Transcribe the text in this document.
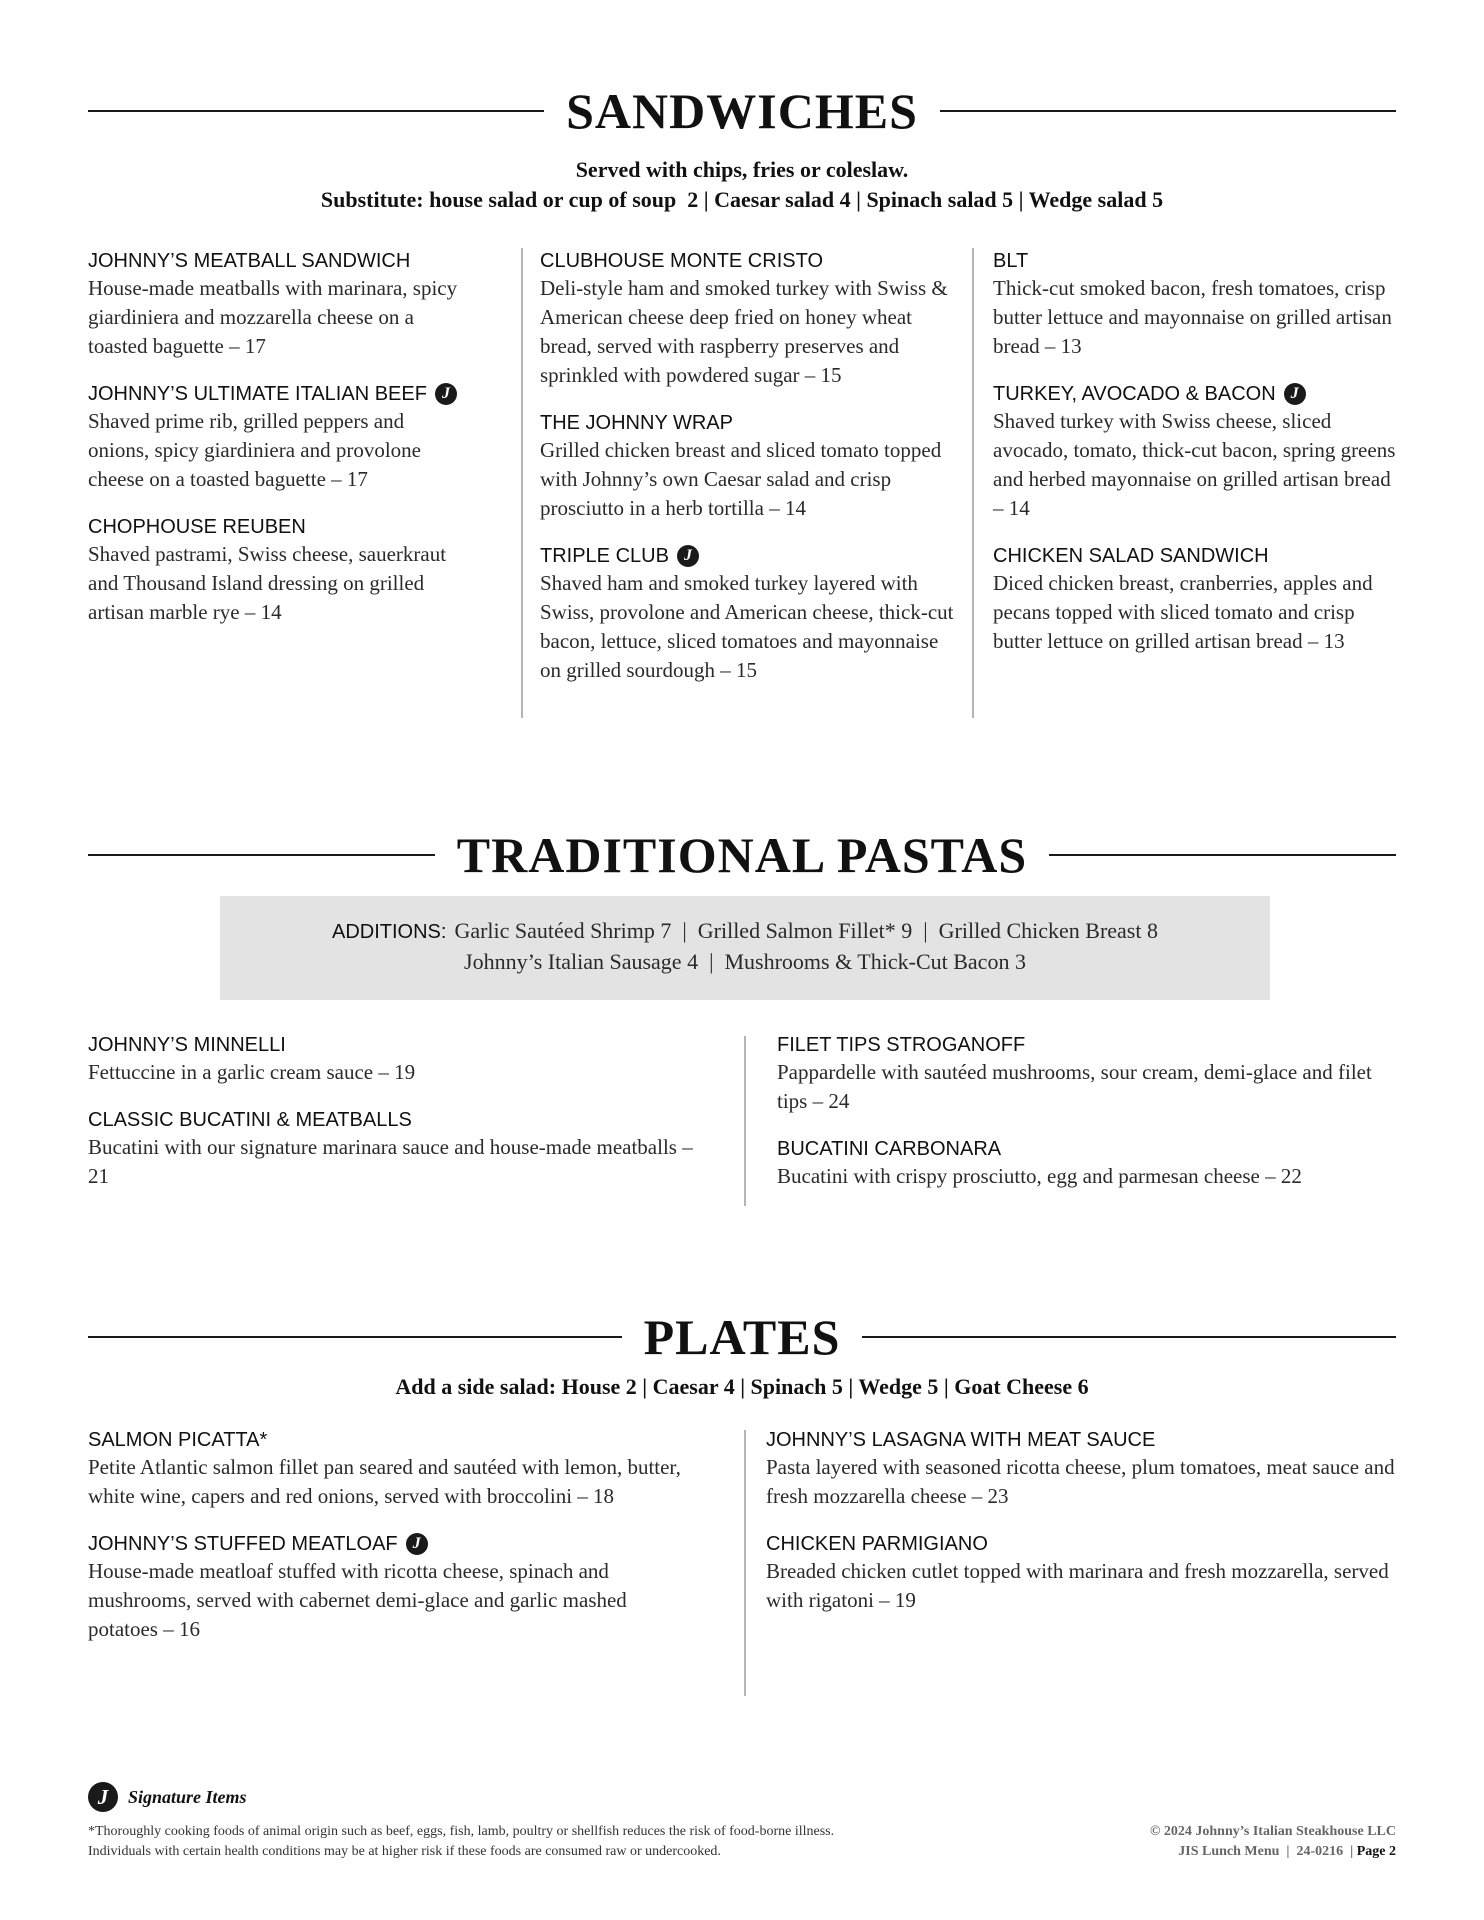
SANDWICHES
Served with chips, fries or coleslaw.
Substitute: house salad or cup of soup  2 | Caesar salad 4 | Spinach salad 5 | Wedge salad 5
JOHNNY’S MEATBALL SANDWICH
House-made meatballs with marinara, spicy giardiniera and mozzarella cheese on a toasted baguette – 17
JOHNNY’S ULTIMATE ITALIAN BEEF
J
Shaved prime rib, grilled peppers and onions, spicy giardiniera and provolone cheese on a toasted baguette – 17
CHOPHOUSE REUBEN
Shaved pastrami, Swiss cheese, sauerkraut and Thousand Island dressing on grilled artisan marble rye – 14
CLUBHOUSE MONTE CRISTO
Deli-style ham and smoked turkey with Swiss & American cheese deep fried on honey wheat bread, served with raspberry preserves and sprinkled with powdered sugar – 15
THE JOHNNY WRAP
Grilled chicken breast and sliced tomato topped with Johnny’s own Caesar salad and crisp prosciutto in a herb tortilla – 14
TRIPLE CLUB
J
Shaved ham and smoked turkey layered with Swiss, provolone and American cheese, thick-cut bacon, lettuce, sliced tomatoes and mayonnaise on grilled sourdough – 15
BLT
Thick-cut smoked bacon, fresh tomatoes, crisp butter lettuce and mayonnaise on grilled artisan bread – 13
TURKEY, AVOCADO & BACON
J
Shaved turkey with Swiss cheese, sliced avocado, tomato, thick-cut bacon, spring greens and herbed mayonnaise on grilled artisan bread – 14
CHICKEN SALAD SANDWICH
Diced chicken breast, cranberries, apples and pecans topped with sliced tomato and crisp butter lettuce on grilled artisan bread – 13
TRADITIONAL PASTAS
ADDITIONS: Garlic Sautéed Shrimp 7  |  Grilled Salmon Fillet* 9  |  Grilled Chicken Breast 8
Johnny’s Italian Sausage 4  |  Mushrooms & Thick-Cut Bacon 3
JOHNNY’S MINNELLI
Fettuccine in a garlic cream sauce – 19
CLASSIC BUCATINI & MEATBALLS
Bucatini with our signature marinara sauce and house-made meatballs – 21
FILET TIPS STROGANOFF
Pappardelle with sautéed mushrooms, sour cream, demi-glace and filet tips – 24
BUCATINI CARBONARA
Bucatini with crispy prosciutto, egg and parmesan cheese – 22
PLATES
Add a side salad: House 2 | Caesar 4 | Spinach 5 | Wedge 5 | Goat Cheese 6
SALMON PICATTA*
Petite Atlantic salmon fillet pan seared and sautéed with lemon, butter, white wine, capers and red onions, served with broccolini – 18
JOHNNY’S STUFFED MEATLOAF
J
House-made meatloaf stuffed with ricotta cheese, spinach and mushrooms, served with cabernet demi-glace and garlic mashed potatoes – 16
JOHNNY’S LASAGNA WITH MEAT SAUCE
Pasta layered with seasoned ricotta cheese, plum tomatoes, meat sauce and fresh mozzarella cheese – 23
CHICKEN PARMIGIANO
Breaded chicken cutlet topped with marinara and fresh mozzarella, served with rigatoni – 19
J
Signature Items
*Thoroughly cooking foods of animal origin such as beef, eggs, fish, lamb, poultry or shellfish reduces the risk of food-borne illness.
Individuals with certain health conditions may be at higher risk if these foods are consumed raw or undercooked.
© 2024 Johnny’s Italian Steakhouse LLC
JIS Lunch Menu  |  24-0216  | Page 2
